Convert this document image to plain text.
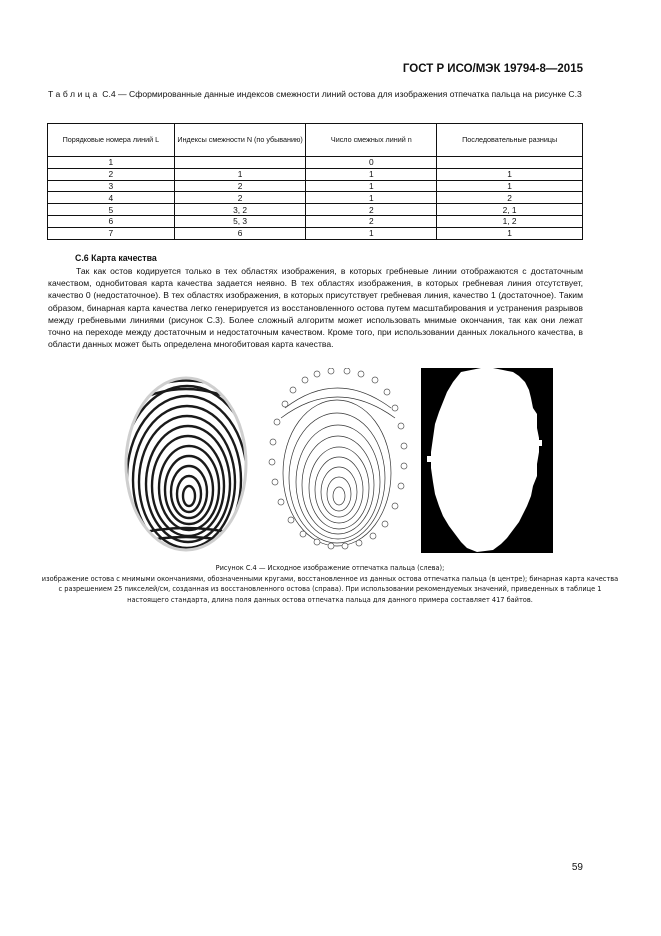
ГОСТ Р ИСО/МЭК 19794-8—2015
Таблица С.4 — Сформированные данные индексов смежности линий остова для изображения отпечатка пальца на рисунке С.3
Порядковые номера линий L	Индексы смежности N (по убыванию)	Число смежных линий n	Последовательные разницы
1		0	
2	1	1	1
3	2	1	1
4	2	1	2
5	3, 2	2	2, 1
6	5, 3	2	1, 2
7	6	1	1
С.6 Карта качества
Так как остов кодируется только в тех областях изображения, в которых гребневые линии отображаются с достаточным качеством, однобитовая карта качества задается неявно. В тех областях изображения, в которых гребневая линия отсутствует, качество 0 (недостаточное). В тех областях изображения, в которых присутствует гребневая линия, качество 1 (достаточное). Таким образом, бинарная карта качества легко генерируется из восстановленного остова путем масштабирования и устранения разрывов между гребневыми линиями (рисунок С.3). Более сложный алгоритм может использовать мнимые окончания, так как они лежат точно на переходе между достаточным и недостаточным качеством. Кроме того, при использовании данных локального качества, в области данных может быть определена многобитовая карта качества.
Рисунок С.4 — Исходное изображение отпечатка пальца (слева);
изображение остова с мнимыми окончаниями, обозначенными кругами, восстановленное из данных остова отпечатка пальца (в центре); бинарная карта качества с разрешением 25 пикселей/см, созданная из восстановленного остова (справа). При использовании рекомендуемых значений, приведенных в таблице 1 настоящего стандарта, длина поля данных остова отпечатка пальца для данного примера составляет 417 байтов.
59
